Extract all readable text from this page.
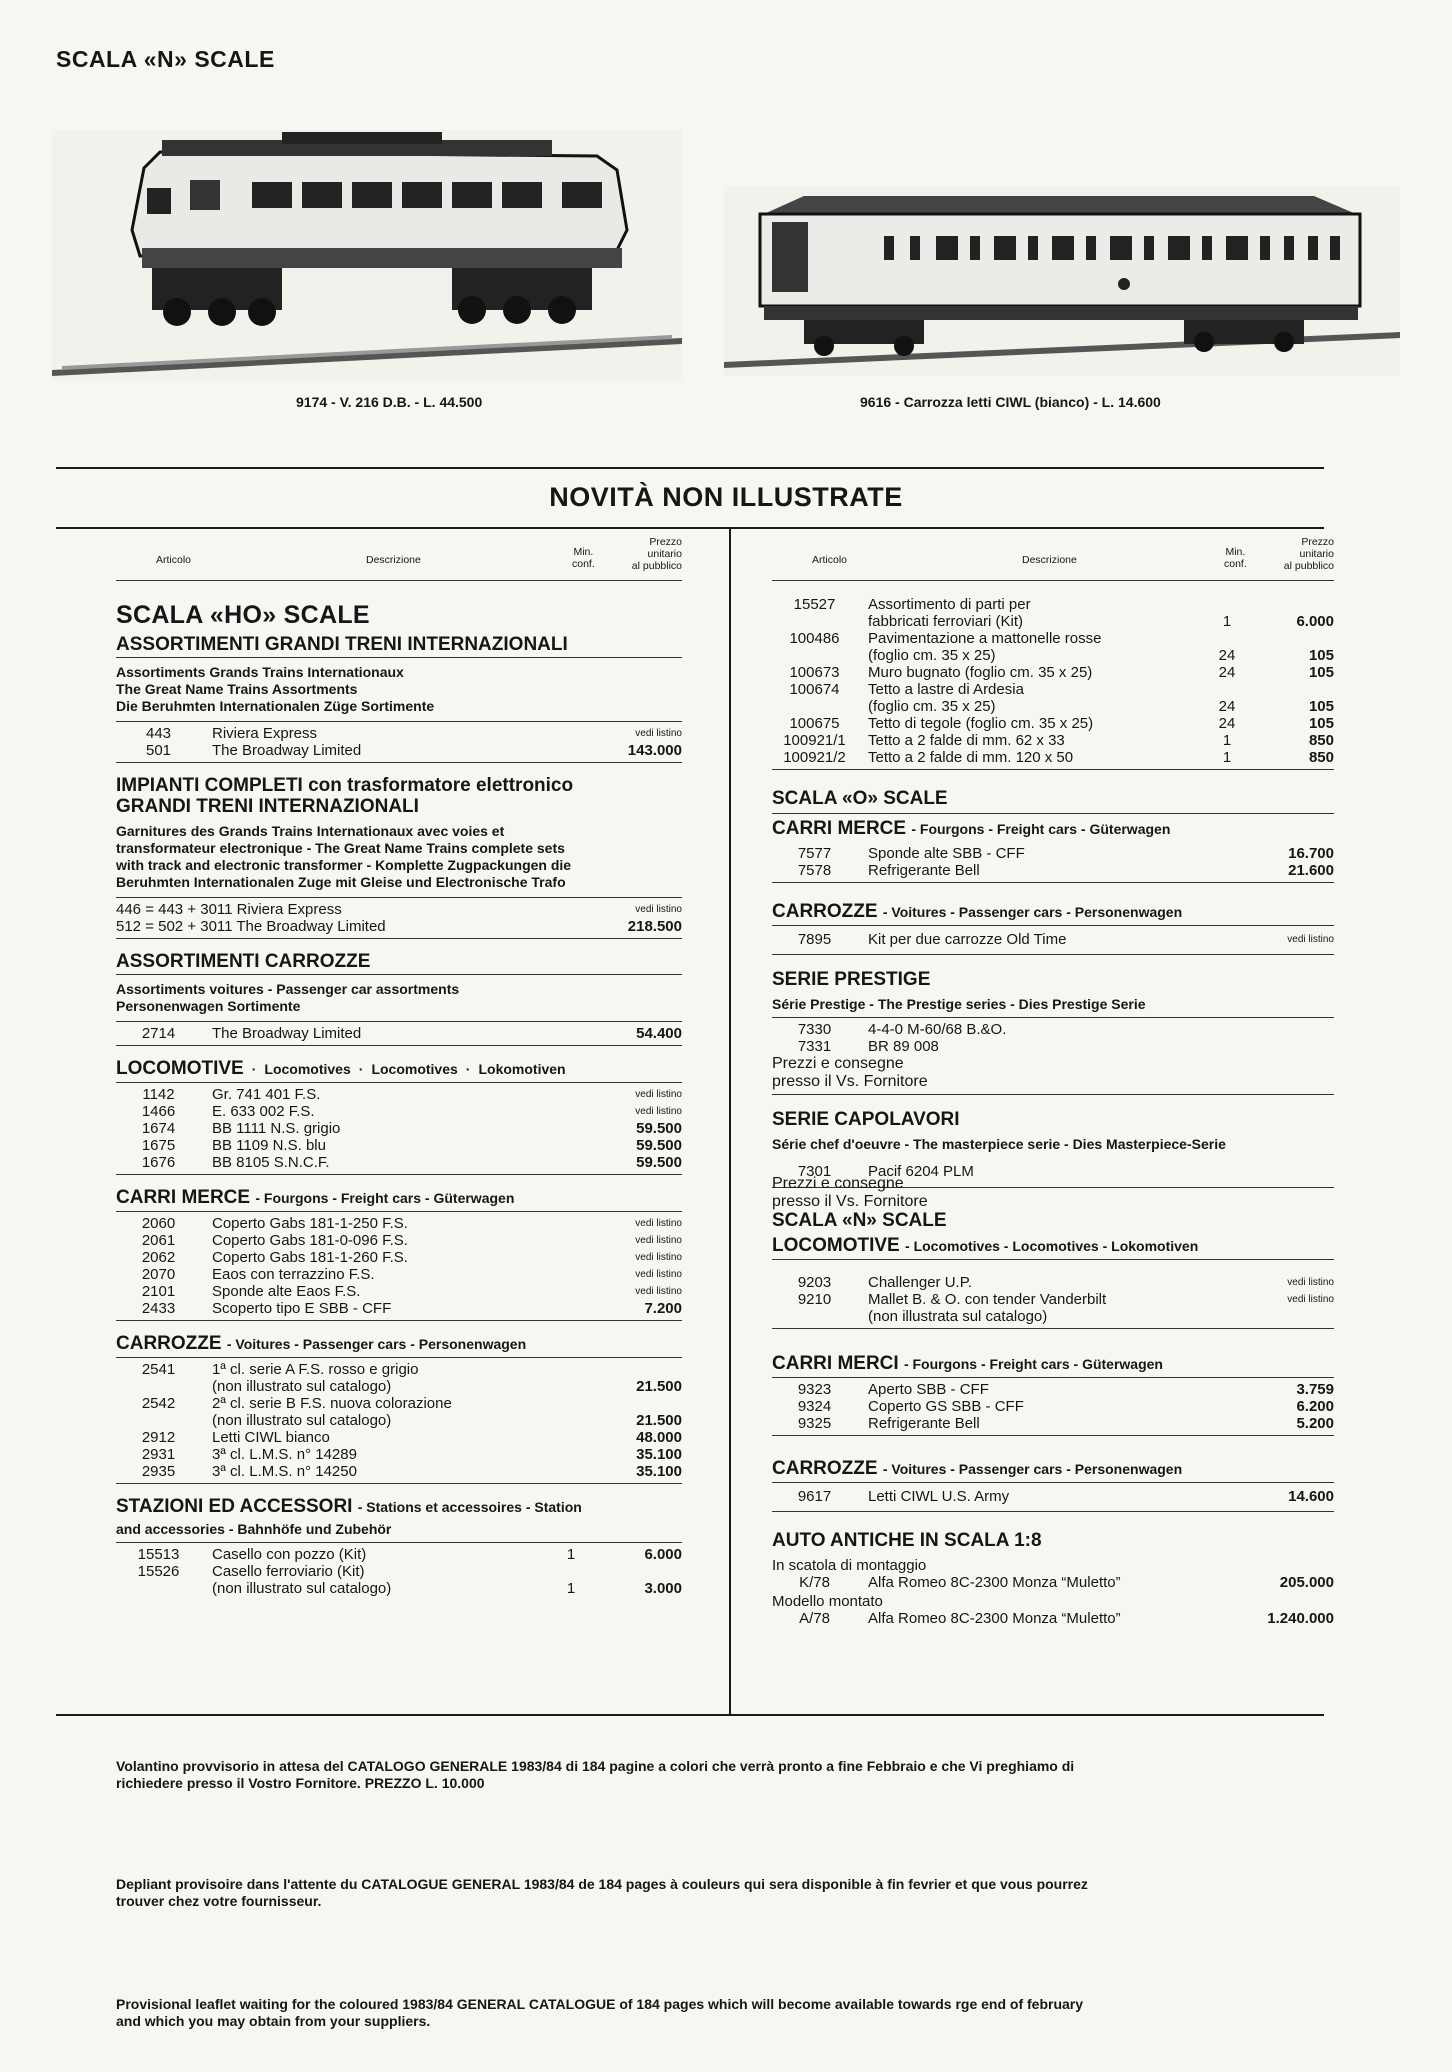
SCALA «N» SCALE
9174 - V. 216 D.B. - L. 44.500	9616 - Carrozza letti CIWL (bianco) - L. 14.600
NOVITÀ NON ILLUSTRATE
Articolo	Descrizione
Min.
conf.
Prezzo
unitario
al pubblico
SCALA «HO» SCALE
ASSORTIMENTI GRANDI TRENI INTERNAZIONALI
Assortiments Grands Trains Internationaux
The Great Name Trains Assortments
Die Beruhmten Internationalen Züge Sortimente
443	Riviera Express	vedi listino
501	The Broadway Limited	143.000
IMPIANTI COMPLETI con trasformatore elettronico
GRANDI TRENI INTERNAZIONALI
Garnitures des Grands Trains Internationaux avec voies et
transformateur electronique - The Great Name Trains complete sets
with track and electronic transformer - Komplette Zugpackungen die
Beruhmten Internationalen Zuge mit Gleise und Electronische Trafo
446 = 443 + 3011 Riviera Express	vedi listino
512 = 502 + 3011 The Broadway Limited	218.500
ASSORTIMENTI CARROZZE
Assortiments voitures - Passenger car assortments
Personenwagen Sortimente
2714	The Broadway Limited	54.400
LOCOMOTIVE · Locomotives · Locomotives · Lokomotiven
1142	Gr. 741 401 F.S.	vedi listino
1466	E. 633 002 F.S.	vedi listino
1674	BB 1111 N.S. grigio	59.500
1675	BB 1109 N.S. blu	59.500
1676	BB 8105 S.N.C.F.	59.500
CARRI MERCE - Fourgons - Freight cars - Güterwagen
2060	Coperto Gabs 181-1-250 F.S.	vedi listino
2061	Coperto Gabs 181-0-096 F.S.	vedi listino
2062	Coperto Gabs 181-1-260 F.S.	vedi listino
2070	Eaos con terrazzino F.S.	vedi listino
2101	Sponde alte Eaos F.S.	vedi listino
2433	Scoperto tipo E SBB - CFF	7.200
CARROZZE - Voitures - Passenger cars - Personenwagen
2541	1ª cl. serie A F.S. rosso e grigio
(non illustrato sul catalogo)	21.500
2542	2ª cl. serie B F.S. nuova colorazione
(non illustrato sul catalogo)	21.500
2912	Letti CIWL bianco	48.000
2931	3ª cl. L.M.S. n° 14289	35.100
2935	3ª cl. L.M.S. n° 14250	35.100
STAZIONI ED ACCESSORI - Stations et accessoires - Station
and accessories - Bahnhöfe und Zubehör
15513	Casello con pozzo (Kit)	1	6.000
15526	Casello ferroviario (Kit)
(non illustrato sul catalogo)	1	3.000
Articolo	Descrizione
Min.
conf.
Prezzo
unitario
al pubblico
15527	Assortimento di parti per
fabbricati ferroviari (Kit)	1	6.000
100486	Pavimentazione a mattonelle rosse
(foglio cm. 35 x 25)	24	105
100673	Muro bugnato (foglio cm. 35 x 25)	24	105
100674	Tetto a lastre di Ardesia
(foglio cm. 35 x 25)	24	105
100675	Tetto di tegole (foglio cm. 35 x 25)	24	105
100921/1	Tetto a 2 falde di mm. 62 x 33	1	850
100921/2	Tetto a 2 falde di mm. 120 x 50	1	850
SCALA «O» SCALE
CARRI MERCE - Fourgons - Freight cars - Güterwagen
7577	Sponde alte SBB - CFF	16.700
7578	Refrigerante Bell	21.600
CARROZZE - Voitures - Passenger cars - Personenwagen
7895	Kit per due carrozze Old Time	vedi listino
SERIE PRESTIGE
Série Prestige - The Prestige series - Dies Prestige Serie
7330	4-4-0 M-60/68 B.&O.
7331	BR 89 008
Prezzi e consegne
presso il Vs. Fornitore
SERIE CAPOLAVORI
Série chef d'oeuvre - The masterpiece serie - Dies Masterpiece-Serie
7301	Pacif 6204 PLM
Prezzi e consegne
presso il Vs. Fornitore
SCALA «N» SCALE
LOCOMOTIVE - Locomotives - Locomotives - Lokomotiven
9203	Challenger U.P.	vedi listino
9210	Mallet B. & O. con tender Vanderbilt	vedi listino
(non illustrata sul catalogo)
CARRI MERCI - Fourgons - Freight cars - Güterwagen
9323	Aperto SBB - CFF	3.759
9324	Coperto GS SBB - CFF	6.200
9325	Refrigerante Bell	5.200
CARROZZE - Voitures - Passenger cars - Personenwagen
9617	Letti CIWL U.S. Army	14.600
AUTO ANTICHE IN SCALA 1:8
In scatola di montaggio
K/78	Alfa Romeo 8C-2300 Monza “Muletto”	205.000
Modello montato
A/78	Alfa Romeo 8C-2300 Monza “Muletto”	1.240.000
Volantino provvisorio in attesa del CATALOGO GENERALE 1983/84 di 184 pagine a colori che verrà pronto a fine Febbraio e che Vi preghiamo di
richiedere presso il Vostro Fornitore. PREZZO L. 10.000
Depliant provisoire dans l'attente du CATALOGUE GENERAL 1983/84 de 184 pages à couleurs qui sera disponible à fin fevrier et que vous pourrez
trouver chez votre fournisseur.
Provisional leaflet waiting for the coloured 1983/84 GENERAL CATALOGUE of 184 pages which will become available towards rge end of february
and which you may obtain from your suppliers.
